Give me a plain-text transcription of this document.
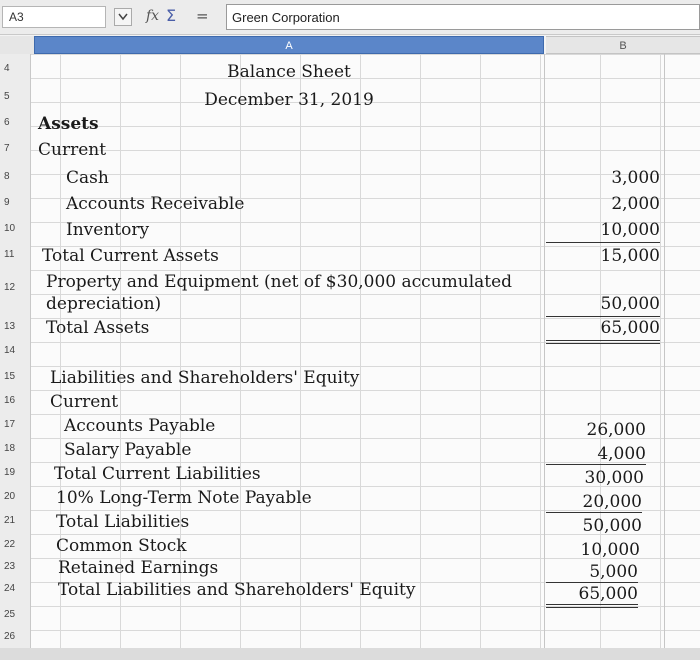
A3	fx Σ =	Green Corporation
A	B
4	Balance Sheet
5	December 31, 2019
6 Assets
7 Current
8	Cash	3,000
9	Accounts Receivable	2,000
10	Inventory	10,000
11 Total Current Assets	15,000
12 Property and Equipment (net of $30,000 accumulated
depreciation)	50,000
13 Total Assets	65,000
14
15 Liabilities and Shareholders' Equity
16 Current
17	Accounts Payable	26,000
18	Salary Payable	4,000
19 Total Current Liabilities	30,000
20 10% Long-Term Note Payable	20,000
21 Total Liabilities	50,000
22 Common Stock	10,000
23	Retained Earnings	5,000
24	Total Liabilities and Shareholders' Equity	65,000
25
26
